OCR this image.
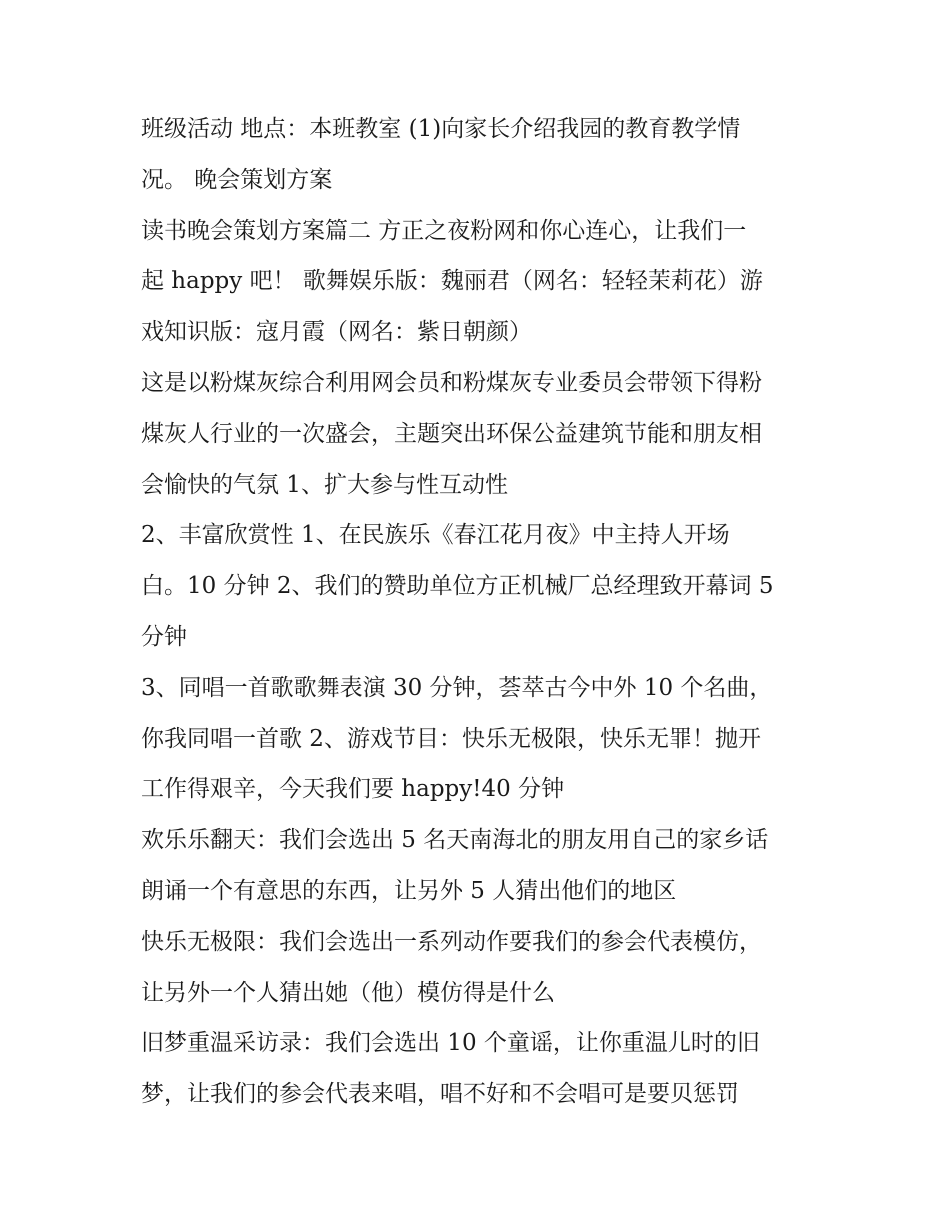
班级活动 地点：本班教室 (1)向家长介绍我园的教育教学情
况。 晚会策划方案
读书晚会策划方案篇二 方正之夜粉网和你心连心，让我们一
起 happy 吧！ 歌舞娱乐版：魏丽君（网名：轻轻茉莉花）游
戏知识版：寇月霞（网名：紫日朝颜）
这是以粉煤灰综合利用网会员和粉煤灰专业委员会带领下得粉
煤灰人行业的一次盛会，主题突出环保公益建筑节能和朋友相
会愉快的气氛 1、扩大参与性互动性
2、丰富欣赏性 1、在民族乐《春江花月夜》中主持人开场
白。10 分钟 2、我们的赞助单位方正机械厂总经理致开幕词 5
分钟
3、同唱一首歌歌舞表演 30 分钟，荟萃古今中外 10 个名曲，
你我同唱一首歌 2、游戏节目：快乐无极限，快乐无罪！抛开
工作得艰辛，今天我们要 happy!40 分钟
欢乐乐翻天：我们会选出 5 名天南海北的朋友用自己的家乡话
朗诵一个有意思的东西，让另外 5 人猜出他们的地区
快乐无极限：我们会选出一系列动作要我们的参会代表模仿，
让另外一个人猜出她（他）模仿得是什么
旧梦重温采访录：我们会选出 10 个童谣，让你重温儿时的旧
梦，让我们的参会代表来唱，唱不好和不会唱可是要贝惩罚
